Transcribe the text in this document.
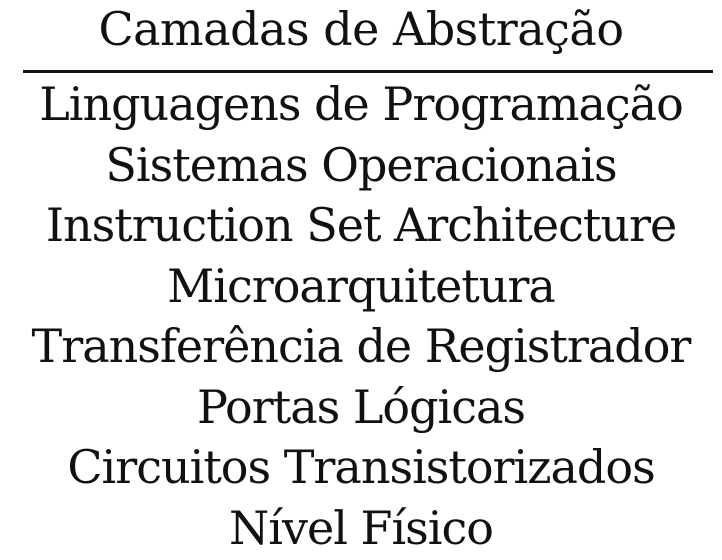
Camadas de Abstração
Linguagens de Programação
Sistemas Operacionais
Instruction Set Architecture
Microarquitetura
Transferência de Registrador
Portas Lógicas
Circuitos Transistorizados
Nível Físico
